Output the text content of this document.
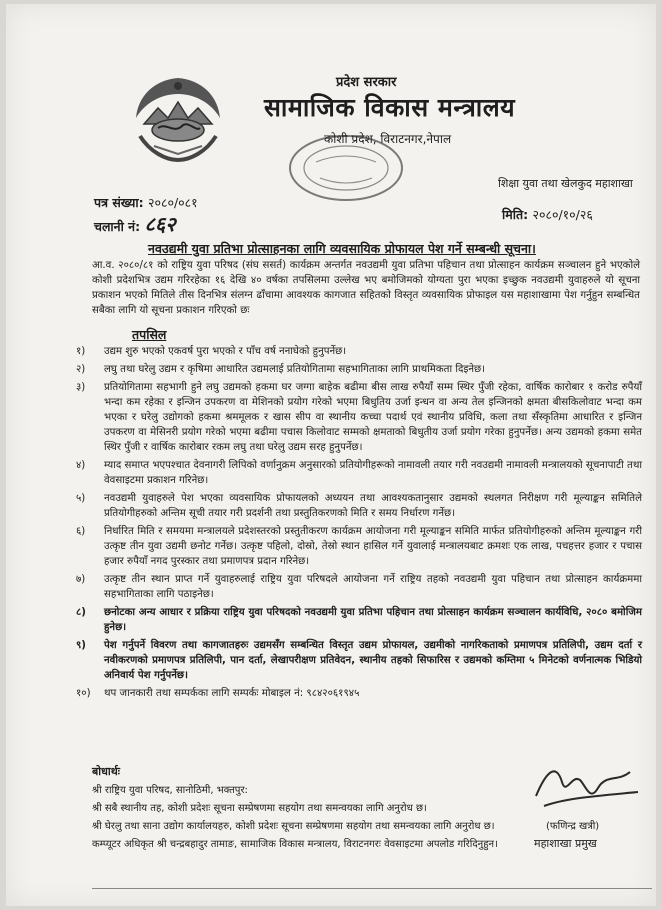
प्रदेश सरकार
सामाजिक विकास मन्त्रालय
कोशी प्रदेश, विराटनगर,नेपाल
शिक्षा युवा तथा खेलकुद महाशाखा
पत्र संख्या: २०८०/०८१
चलानी नं: ८६२	मिति: २०८०/१०/२६
नवउद्यमी युवा प्रतिभा प्रोत्साहनका लागि व्यवसायिक प्रोफायल पेश गर्ने सम्बन्धी सूचना।
आ.व. २०८०/८१ को राष्ट्रिय युवा परिषद (संघ ससर्त) कार्यक्रम अन्तर्गत नवउद्यमी युवा प्रतिभा पहिचान तथा प्रोत्साहन कार्यक्रम सञ्चालन हुने भएकोले कोशी प्रदेशभित्र उद्यम गरिरहेका १६ देखि ४० वर्षका तपसिलमा उल्लेख भए बमोजिमको योग्यता पुरा भएका इच्छुक नवउद्यमी युवाहरुले यो सूचना प्रकाशन भएको मितिले तीस दिनभित्र संलग्न ढाँचामा आवश्यक कागजात सहितको विस्तृत व्यवसायिक प्रोफाइल यस महाशाखामा पेश गर्नुहुन सम्बन्धित सबैका लागि यो सूचना प्रकाशन गरिएको छः
तपसिल
१)	उद्यम शुरु भएको एकवर्ष पुरा भएको र पाँच वर्ष ननाघेको हुनुपर्नेछ।
२)	लघु तथा घरेलु उद्यम र कृषिमा आधारित उद्यमलाई प्रतियोगितामा सहभागिताका लागि प्राथमिकता दिइनेछ।
३)	प्रतियोगितामा सहभागी हुने लघु उद्यमको हकमा घर जग्गा बाहेक बढीमा बीस लाख रुपैयाँ सम्म स्थिर पुँजी रहेका, वार्षिक कारोबार १ करोड रुपैयाँ भन्दा कम रहेका र इन्जिन उपकरण वा मेशिनको प्रयोग गरेको भएमा बिधुतिय उर्जा इन्धन वा अन्य तेल इन्जिनको क्षमता बीसकिलोवाट भन्दा कम भएका र घरेलु उद्योगको हकमा श्रममूलक र खास सीप वा स्थानीय कच्चा पदार्थ एवं स्थानीय प्रविधि, कला तथा सँस्कृतिमा आधारित र इन्जिन उपकरण वा मेसिनरी प्रयोग गरेको भएमा बढीमा पचास किलोवाट सम्मको क्षमताको बिधुतीय उर्जा प्रयोग गरेका हुनुपर्नेछ। अन्य उद्यमको हकमा समेत स्थिर पुँजी र वार्षिक कारोबार रकम लघु तथा घरेलु उद्यम सरह हुनुपर्नेछ।
४)	म्याद समाप्त भएपश्चात देवनागरी लिपिको वर्णानुक्रम अनुसारको प्रतियोगीहरूको नामावली तयार गरी नवउद्यमी नामावली मन्त्रालयको सूचनापाटी तथा वेवसाइटमा प्रकाशन गरिनेछ।
५)	नवउद्यमी युवाहरुले पेश भएका व्यवसायिक प्रोफायलको अध्ययन तथा आवश्यकतानुसार उद्यमको स्थलगत निरीक्षण गरी मूल्याङ्कन समितिले प्रतियोगीहरुको अन्तिम सूची तयार गरी प्रदर्शनी तथा प्रस्तुतिकरणको मिति र समय निर्धारण गर्नेछ।
६)	निर्धारित मिति र समयमा मन्त्रालयले प्रदेशस्तरको प्रस्तुतीकरण कार्यक्रम आयोजना गरी मूल्याङ्कन समिति मार्फत प्रतियोगीहरुको अन्तिम मूल्याङ्कन गरी उत्कृष्ट तीन युवा उद्यमी छनोट गर्नेछ। उत्कृष्ट पहिलो, दोस्रो, तेस्रो स्थान हासिल गर्ने युवालाई मन्त्रालयबाट क्रमशः एक लाख, पचहत्तर हजार र पचास हजार रुपैयाँ नगद पुरस्कार तथा प्रमाणपत्र प्रदान गरिनेछ।
७)	उत्कृष्ट तीन स्थान प्राप्त गर्ने युवाहरुलाई राष्ट्रिय युवा परिषदले आयोजना गर्ने राष्ट्रिय तहको नवउद्यमी युवा पहिचान तथा प्रोत्साहन कार्यक्रममा सहभागिताका लागि पठाइनेछ।
८)	छनोटका अन्य आधार र प्रक्रिया राष्ट्रिय युवा परिषदको नवउद्यमी युवा प्रतिभा पहिचान तथा प्रोत्साहन कार्यक्रम सञ्चालन कार्यविधि, २०८० बमोजिम हुनेछ।
९)	पेश गर्नुपर्ने विवरण तथा कागजातहरुः उद्यमसँग सम्बन्धित विस्तृत उद्यम प्रोफायल, उद्यमीको नागरिकताको प्रमाणपत्र प्रतिलिपी, उद्यम दर्ता र नवीकरणको प्रमाणपत्र प्रतिलिपी, पान दर्ता, लेखापरीक्षण प्रतिवेदन, स्थानीय तहको सिफारिस र उद्यमको कम्तिमा ५ मिनेटको वर्णनात्मक भिडियो अनिवार्य पेश गर्नुपर्नेछ।
१०)	थप जानकारी तथा सम्पर्कका लागि सम्पर्कः मोबाइल नं: ९८४२०६१९४५
बोधार्थः
श्री राष्ट्रिय युवा परिषद, सानोठिमी, भक्तपुर:
श्री सबै स्थानीय तह, कोशी प्रदेशः सूचना सम्प्रेषणमा सहयोग तथा समन्वयका लागि अनुरोध छ।
श्री घेरलु तथा साना उद्योग कार्यालयहरु, कोशी प्रदेशः सूचना सम्प्रेषणमा सहयोग तथा समन्वयका लागि अनुरोध छ।
कम्प्यूटर अधिकृत श्री चन्द्रबहादुर तामाङ, सामाजिक विकास मन्त्रालय, विराटनगरः वेवसाइटमा अपलोड गरिदिनुहुन।
(फणिन्द्र खत्री)
महाशाखा प्रमुख
